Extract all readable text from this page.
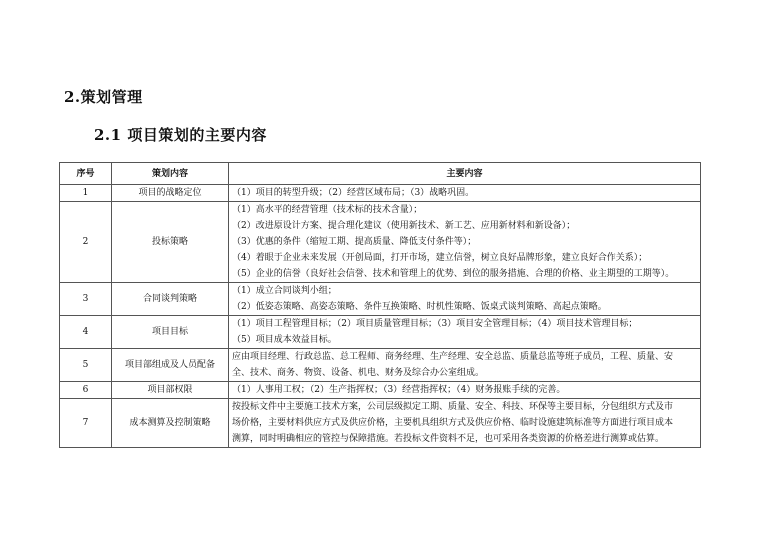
2.策划管理
2.1 项目策划的主要内容
序号	策划内容	主要内容
1	项目的战略定位	（1）项目的转型升级；（2）经营区域布局；（3）战略巩固。

2	投标策略	（1）高水平的经营管理（技术标的技术含量）；
（2）改进原设计方案、提合理化建议（使用新技术、新工艺、应用新材料和新设备）；
（3）优惠的条件（缩短工期、提高质量、降低支付条件等）；
（4）着眼于企业未来发展（开创局面，打开市场，建立信誉，树立良好品牌形象，建立良好合作关系）；
（5）企业的信誉（良好社会信誉、技术和管理上的优势、到位的服务措施、合理的价格、业主期望的工期等）。

3	合同谈判策略	（1）成立合同谈判小组；
（2）低姿态策略、高姿态策略、条件互换策略、时机性策略、饭桌式谈判策略、高起点策略。

4	项目目标	（1）项目工程管理目标；（2）项目质量管理目标；（3）项目安全管理目标；（4）项目技术管理目标；
（5）项目成本效益目标。

5	项目部组成及人员配备	应由项目经理、行政总监、总工程师、商务经理、生产经理、安全总监、质量总监等班子成员，工程、质量、安
全、技术、商务、物资、设备、机电、财务及综合办公室组成。

6	项目部权限	（1）人事用工权；（2）生产指挥权；（3）经营指挥权；（4）财务报账手续的完善。

7	成本测算及控制策略	按投标文件中主要施工技术方案，公司层级拟定工期、质量、安全、科技、环保等主要目标，分包组织方式及市
场价格，主要材料供应方式及供应价格，主要机具组织方式及供应价格、临时设施建筑标准等方面进行项目成本
测算，同时明确相应的管控与保障措施。若投标文件资料不足，也可采用各类资源的价格差进行测算或估算。
